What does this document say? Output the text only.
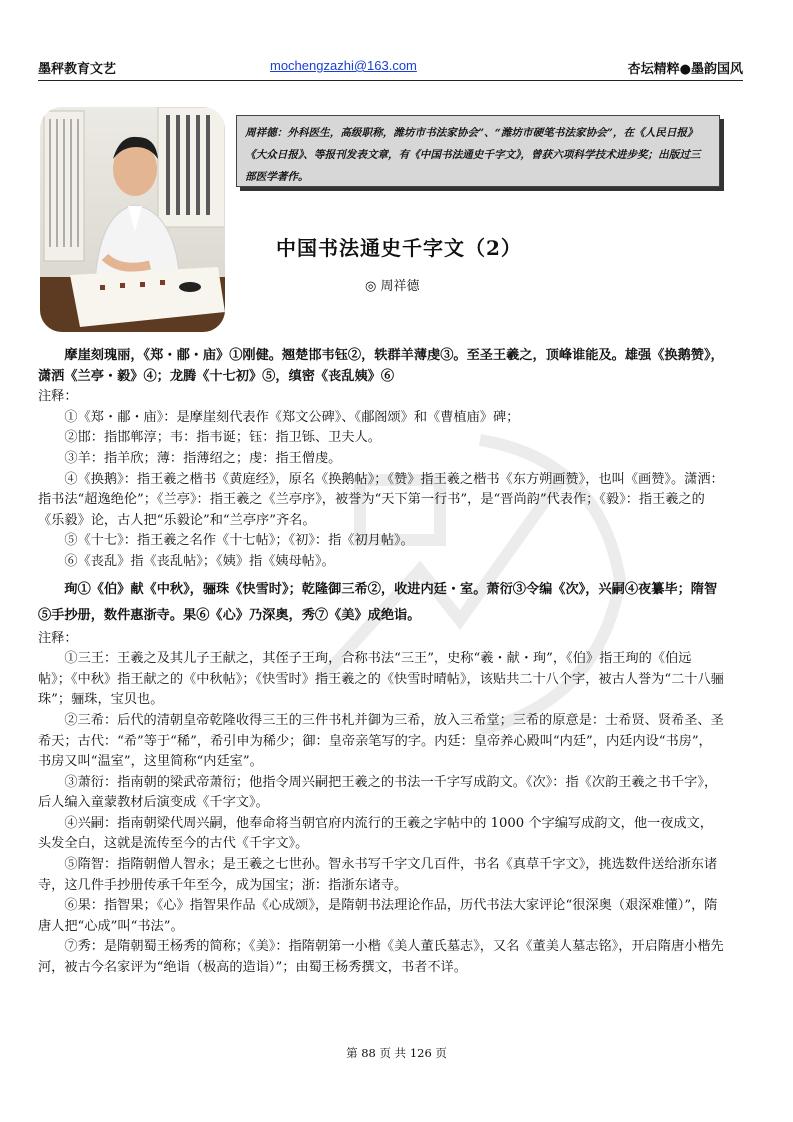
墨秤教育文艺	mochengzazhi@163.com	杏坛精粹●墨韵国风
周祥德：外科医生，高级职称，潍坊市书法家协会”、“潍坊市硬笔书法家协会”，在《人民日报》《大众日报》、等报刊发表文章，有《中国书法通史千字文》，曾获六项科学技术进步奖；出版过三部医学著作。
中国书法通史千字文（2）
◎ 周祥德

摩崖刻瑰丽，《郑・郙・庙》①刚健。翘楚邯韦钰②，轶群羊薄虔③。至圣王羲之，顶峰谁能及。雄强《换鹅赞》，潇洒《兰亭・毅》④；龙腾《十七初》⑤，缜密《丧乱姨》⑥

注释：

①《郑・郙・庙》：是摩崖刻代表作《郑文公碑》、《郙阁颂》和《曹植庙》碑；

②邯：指邯郸淳；韦：指韦诞；钰：指卫铄、卫夫人。

③羊：指羊欣；薄：指薄绍之；虔：指王僧虔。

④《换鹅》：指王羲之楷书《黄庭经》，原名《换鹅帖》；《赞》指王羲之楷书《东方朔画赞》，也叫《画赞》。潇洒：指书法“超逸绝伦”；《兰亭》：指王羲之《兰亭序》，被誉为“天下第一行书”，是“晋尚韵”代表作；《毅》：指王羲之的《乐毅》论，古人把“乐毅论”和“兰亭序”齐名。

⑤《十七》：指王羲之名作《十七帖》；《初》：指《初月帖》。

⑥《丧乱》指《丧乱帖》；《姨》指《姨母帖》。

珣①《伯》献《中秋》，骊珠《快雪时》；乾隆御三希②，收进内廷・室。萧衍③令编《次》，兴嗣④夜纂毕；隋智⑤手抄册，数件惠浙寺。果⑥《心》乃深奥，秀⑦《美》成绝诣。

注释：

①三王：王羲之及其儿子王献之，其侄子王珣，合称书法“三王”，史称“羲・献・珣”，《伯》指王珣的《伯远帖》；《中秋》指王献之的《中秋帖》；《快雪时》指王羲之的《快雪时晴帖》，该贴共二十八个字，被古人誉为“二十八骊珠”；骊珠，宝贝也。

②三希：后代的清朝皇帝乾隆收得三王的三件书札并御为三希，放入三希堂；三希的原意是：士希贤、贤希圣、圣希天；古代：“希”等于“稀”，希引申为稀少；御：皇帝亲笔写的字。内廷：皇帝养心殿叫“内廷”，内廷内设“书房”，书房又叫“温室”，这里简称“内廷室”。

③萧衍：指南朝的梁武帝萧衍；他指令周兴嗣把王羲之的书法一千字写成韵文。《次》：指《次韵王羲之书千字》，后人编入童蒙教材后演变成《千字文》。

④兴嗣：指南朝梁代周兴嗣，他奉命将当朝官府内流行的王羲之字帖中的 1000 个字编写成韵文，他一夜成文，头发全白，这就是流传至今的古代《千字文》。

⑤隋智：指隋朝僧人智永；是王羲之七世孙。智永书写千字文几百件，书名《真草千字文》，挑选数件送给浙东诸寺，这几件手抄册传承千年至今，成为国宝；浙：指浙东诸寺。

⑥果：指智果；《心》指智果作品《心成颂》，是隋朝书法理论作品，历代书法大家评论“很深奥（艰深难懂）”，隋唐人把“心成”叫“书法”。

⑦秀：是隋朝蜀王杨秀的简称；《美》：指隋朝第一小楷《美人董氏墓志》，又名《董美人墓志铭》，开启隋唐小楷先河，被古今名家评为“绝诣（极高的造诣）”；由蜀王杨秀撰文，书者不详。

第 88 页 共 126 页
